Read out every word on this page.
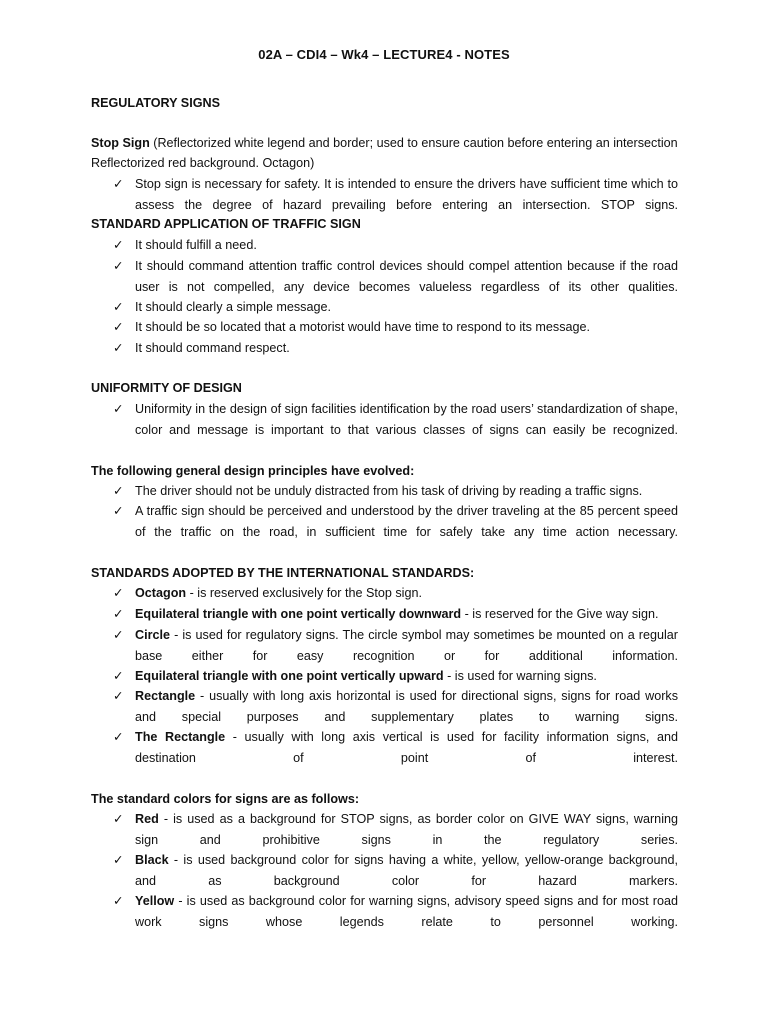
02A – CDI4 – Wk4 – LECTURE4 - NOTES
REGULATORY SIGNS
Stop Sign (Reflectorized white legend and border; used to ensure caution before entering an intersection
Reflectorized red background. Octagon)
✓ Stop sign is necessary for safety. It is intended to ensure the drivers have sufficient time which to assess the degree of hazard prevailing before entering an intersection. STOP signs.
STANDARD APPLICATION OF TRAFFIC SIGN
✓ It should fulfill a need.
✓ It should command attention traffic control devices should compel attention because if the road user is not compelled, any device becomes valueless regardless of its other qualities.
✓ It should clearly a simple message.
✓ It should be so located that a motorist would have time to respond to its message.
✓ It should command respect.
UNIFORMITY OF DESIGN
✓ Uniformity in the design of sign facilities identification by the road users’ standardization of shape, color and message is important to that various classes of signs can easily be recognized.
The following general design principles have evolved:
✓ The driver should not be unduly distracted from his task of driving by reading a traffic signs.
✓ A traffic sign should be perceived and understood by the driver traveling at the 85 percent speed of the traffic on the road, in sufficient time for safely take any time action necessary.
STANDARDS ADOPTED BY THE INTERNATIONAL STANDARDS:
✓ Octagon - is reserved exclusively for the Stop sign.
✓ Equilateral triangle with one point vertically downward - is reserved for the Give way sign.
✓ Circle - is used for regulatory signs. The circle symbol may sometimes be mounted on a regular base either for easy recognition or for additional information.
✓ Equilateral triangle with one point vertically upward - is used for warning signs.
✓ Rectangle - usually with long axis horizontal is used for directional signs, signs for road works and special purposes and supplementary plates to warning signs.
✓ The Rectangle - usually with long axis vertical is used for facility information signs, and destination of point of interest.
The standard colors for signs are as follows:
✓ Red - is used as a background for STOP signs, as border color on GIVE WAY signs, warning sign and prohibitive signs in the regulatory series.
✓ Black - is used background color for signs having a white, yellow, yellow-orange background, and as background color for hazard markers.
✓ Yellow - is used as background color for warning signs, advisory speed signs and for most road work signs whose legends relate to personnel working.
